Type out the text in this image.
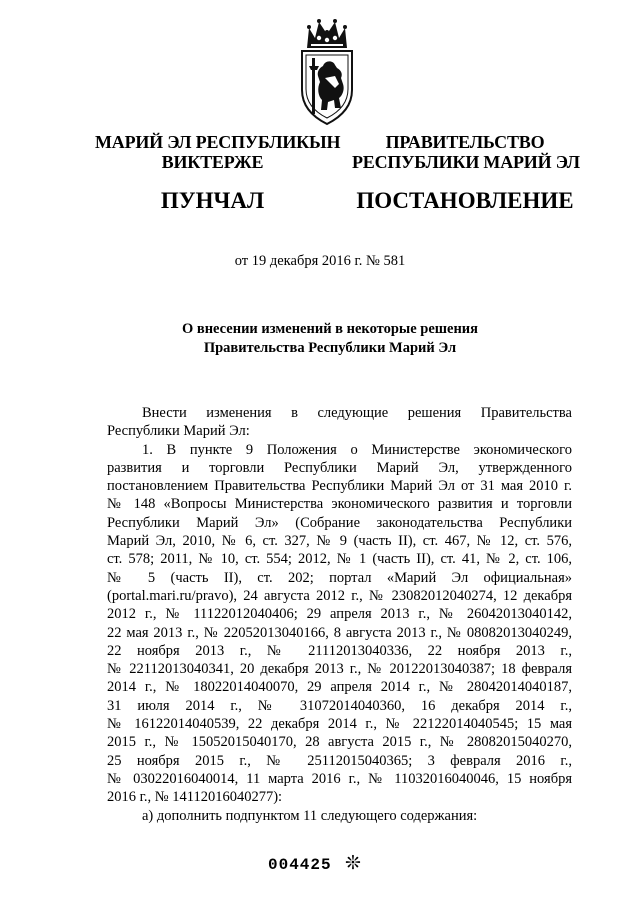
МАРИЙ ЭЛ РЕСПУБЛИКЫН
ВИКТЕРЖЕ
ПУНЧАЛ
ПРАВИТЕЛЬСТВО
РЕСПУБЛИКИ МАРИЙ ЭЛ
ПОСТАНОВЛЕНИЕ
от 19 декабря 2016 г. № 581
О внесении изменений в некоторые решения
Правительства Республики Марий Эл
Внести изменения в следующие решения Правительства
Республики Марий Эл:
1. В пункте 9 Положения о Министерстве экономического
развития и торговли Республики Марий Эл, утвержденного
постановлением Правительства Республики Марий Эл от 31 мая 2010 г.
№ 148 «Вопросы Министерства экономического развития и торговли
Республики Марий Эл» (Собрание законодательства Республики
Марий Эл, 2010, № 6, ст. 327, № 9 (часть II), ст. 467, № 12, ст. 576,
ст. 578; 2011, № 10, ст. 554; 2012, № 1 (часть II), ст. 41, № 2, ст. 106,
№ 5 (часть II), ст. 202; портал «Марий Эл официальная»
(portal.mari.ru/pravo), 24 августа 2012 г., № 23082012040274, 12 декабря
2012 г., № 11122012040406; 29 апреля 2013 г., № 26042013040142,
22 мая 2013 г., № 22052013040166, 8 августа 2013 г., № 08082013040249,
22 ноября 2013 г., № 21112013040336, 22 ноября 2013 г.,
№ 22112013040341, 20 декабря 2013 г., № 20122013040387; 18 февраля
2014 г., № 18022014040070, 29 апреля 2014 г., № 28042014040187,
31 июля 2014 г., № 31072014040360, 16 декабря 2014 г.,
№ 16122014040539, 22 декабря 2014 г., № 22122014040545; 15 мая
2015 г., № 15052015040170, 28 августа 2015 г., № 28082015040270,
25 ноября 2015 г., № 25112015040365; 3 февраля 2016 г.,
№ 03022016040014, 11 марта 2016 г., № 11032016040046, 15 ноября
2016 г., № 14112016040277):
а) дополнить подпунктом 11 следующего содержания:
004425 ❊
